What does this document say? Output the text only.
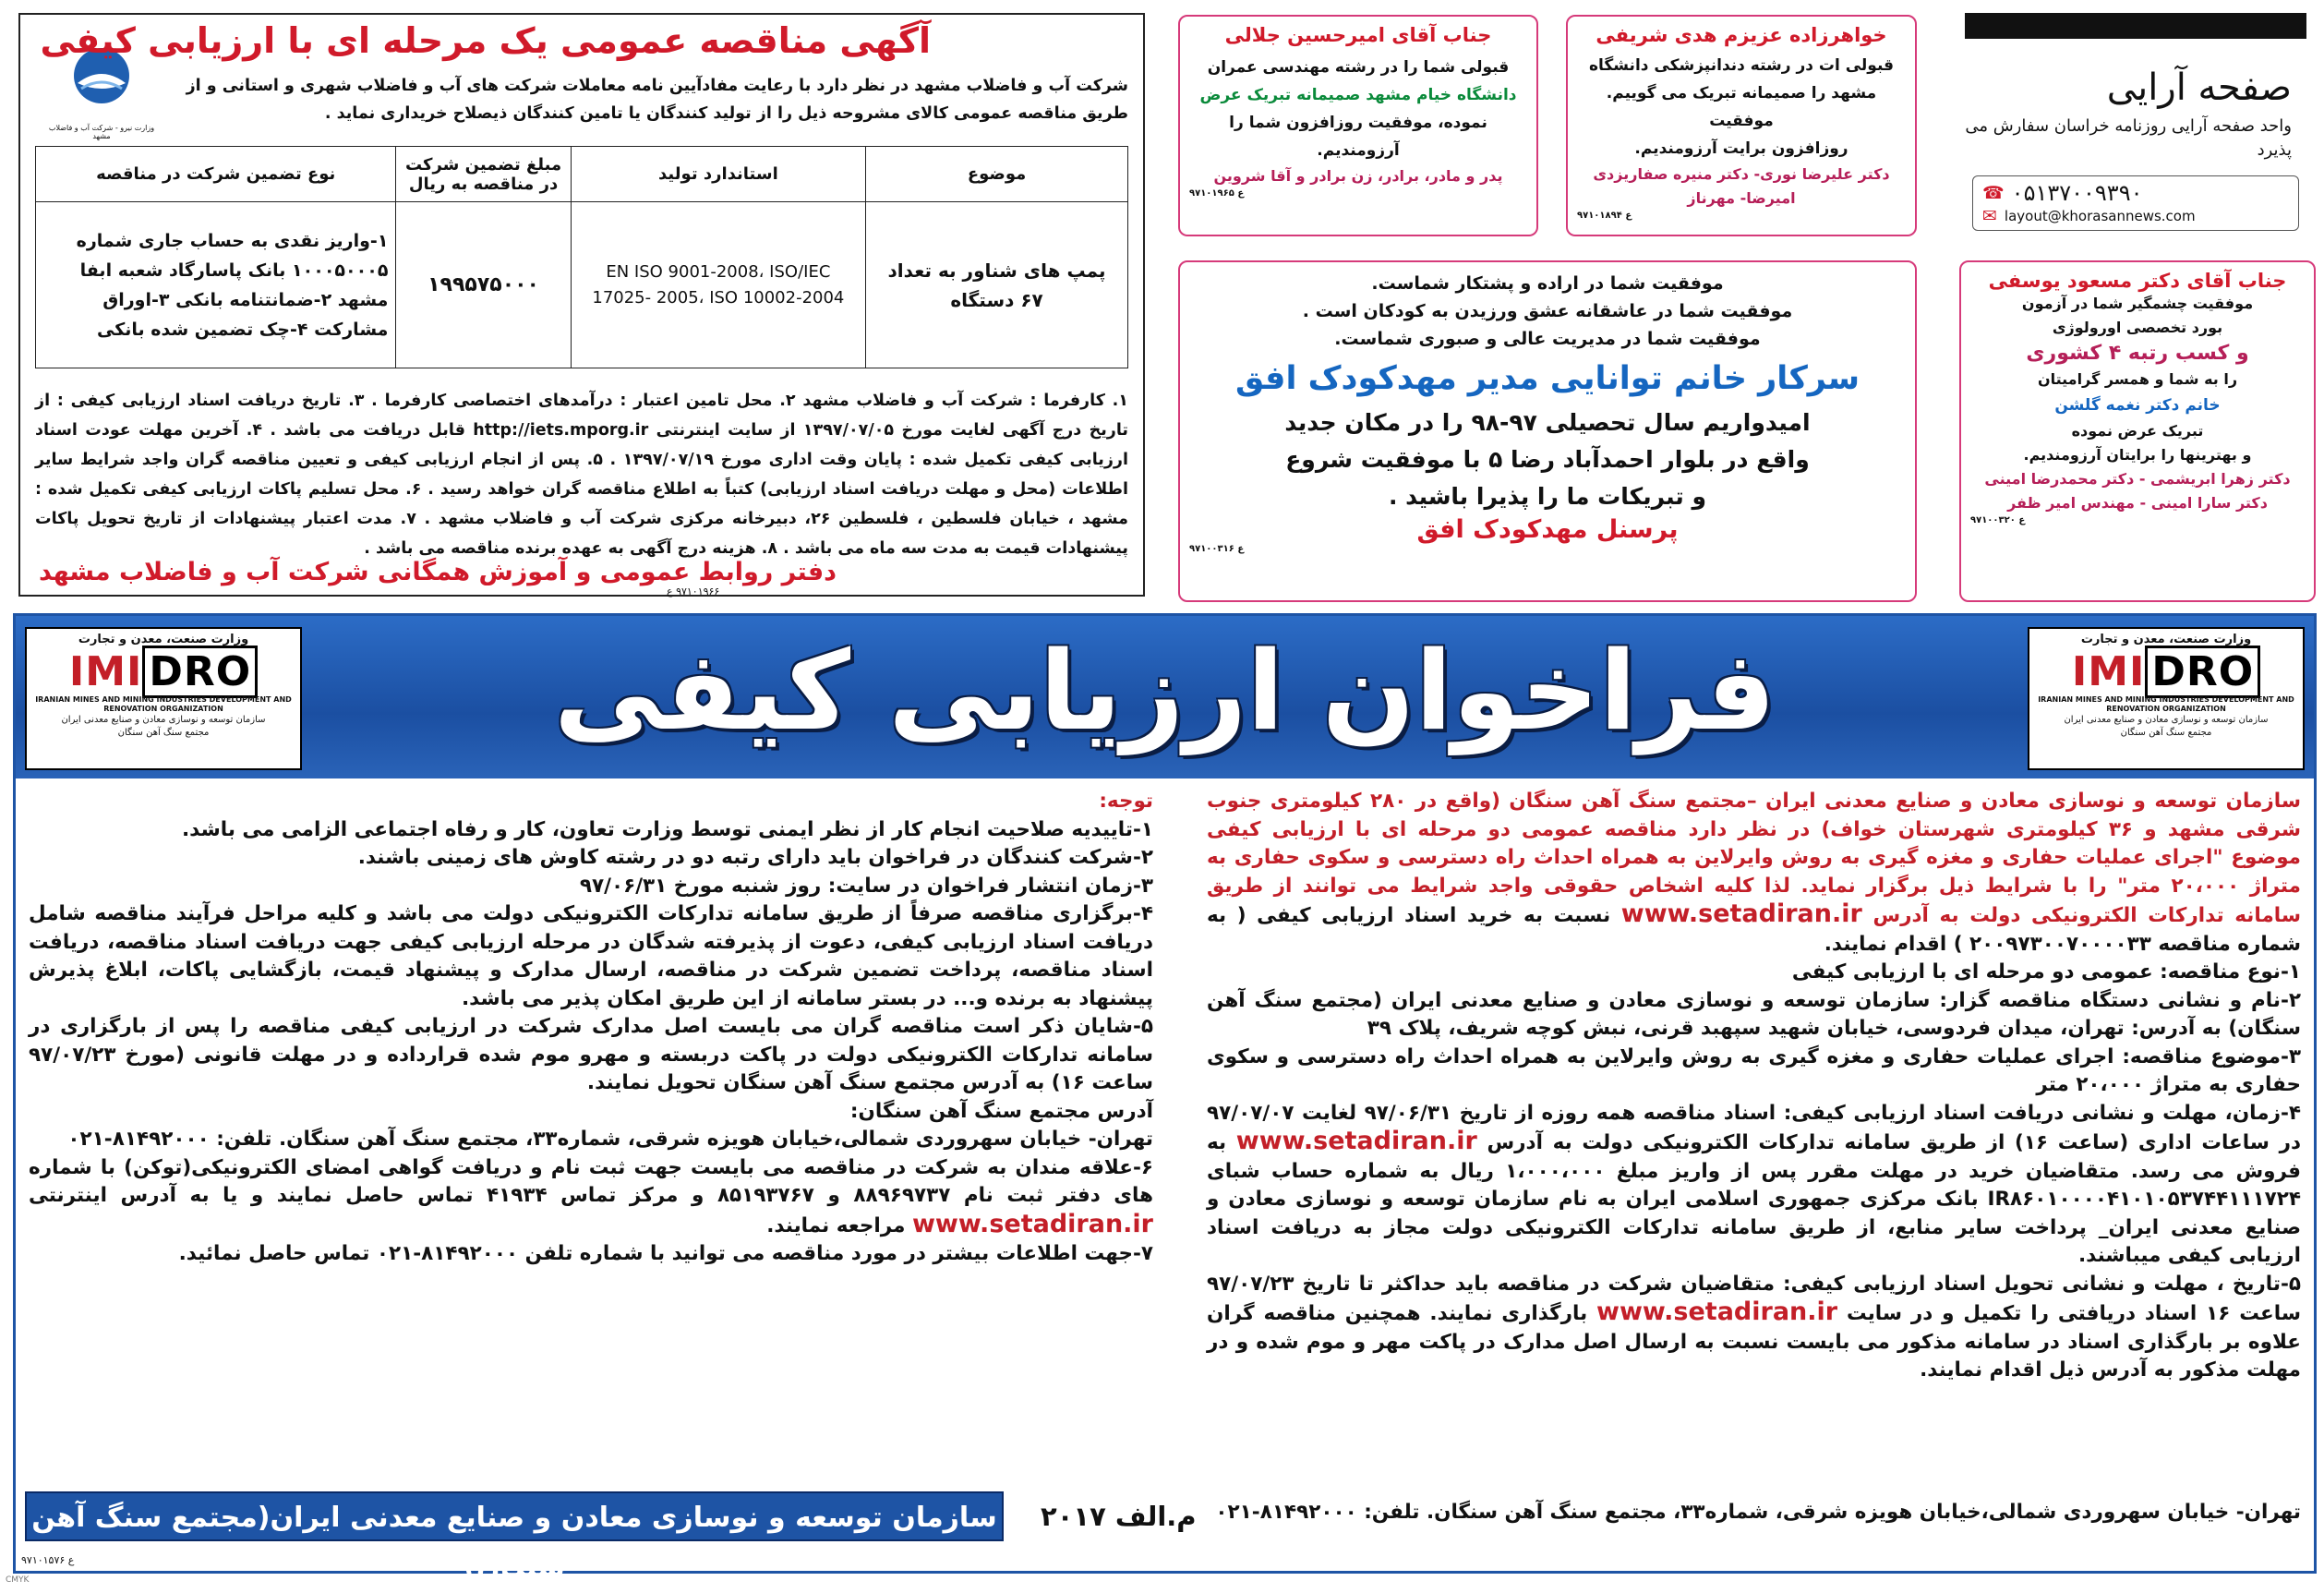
وزارت نیرو - شرکت آب و فاضلاب مشهد
آگهی مناقصه عمومی یک مرحله ای با ارزیابی کیفی
شرکت آب و فاضلاب مشهد در نظر دارد با رعایت مفادآیین نامه معاملات شرکت های آب و فاضلاب شهری و استانی و از طریق مناقصه عمومی کالای مشروحه ذیل را از تولید کنندگان یا تامین کنندگان ذیصلاح خریداری نماید .
موضوع	استاندارد تولید	مبلغ تضمین شرکت در مناقصه به ریال	نوع تضمین شرکت در مناقصه
پمپ های شناور به تعداد ۶۷ دستگاه	EN ISO 9001-2008، ISO/IEC 17025- 2005، ISO 10002-2004	۱۹۹۵۷۵۰۰۰	۱-واریز نقدی به حساب جاری شماره ۱۰۰۰۵۰۰۰۵ بانک پاسارگاد شعبه ابفا مشهد ۲-ضمانتنامه بانکی ۳-اوراق مشارکت ۴-چک تضمین شده بانکی
۱. کارفرما : شرکت آب و فاضلاب مشهد ۲. محل تامین اعتبار : درآمدهای اختصاصی کارفرما . ۳. تاریخ دریافت اسناد ارزیابی کیفی : از تاریخ درج آگهی لغایت مورخ ۱۳۹۷/۰۷/۰۵ از سایت اینترنتی http://iets.mporg.ir قابل دریافت می باشد . ۴. آخرین مهلت عودت اسناد ارزیابی کیفی تکمیل شده : پایان وقت اداری مورخ ۱۳۹۷/۰۷/۱۹ . ۵. پس از انجام ارزیابی کیفی و تعیین مناقصه گران واجد شرایط سایر اطلاعات (محل و مهلت دریافت اسناد ارزیابی) کتباً به اطلاع مناقصه گران خواهد رسید . ۶. محل تسلیم پاکات ارزیابی کیفی تکمیل شده : مشهد ، خیابان فلسطین ، فلسطین ۲۶، دبیرخانه مرکزی شرکت آب و فاضلاب مشهد . ۷. مدت اعتبار پیشنهادات از تاریخ تحویل پاکات پیشنهادات قیمت به مدت سه ماه می باشد . ۸. هزینه درج آگهی به عهده برنده مناقصه می باشد .
۹۷۱۰۱۹۶۶ ع
دفتر روابط عمومی و آموزش همگانی شرکت آب و فاضلاب مشهد
جناب آقای امیرحسین جلالی
قبولی شما را در رشته مهندسی عمران
دانشگاه خیام مشهد صمیمانه تبریک عرض
نموده، موفقیت روزافزون شما را آرزومندیم.
پدر و مادر، برادر، زن برادر و آقا شروین
۹۷۱۰۱۹۶۵ ع
خواهرزاده عزیزم هدی شریفی
قبولی ات در رشته دندانپزشکی دانشگاه
مشهد را صمیمانه تبریک می گوییم. موفقیت
روزافزون برایت آرزومندیم.
دکتر علیرضا نوری- دکتر منیره صفاریزدی
امیرضا- مهرناز
۹۷۱۰۱۸۹۴ ع
صفحه آرایی
واحد صفحه آرایی روزنامه خراسان سفارش می پذیرد
☎ ۰۵۱۳۷۰۰۹۳۹۰
✉ layout@khorasannews.com
موفقیت شما در اراده و پشتکار شماست.
موفقیت شما در عاشقانه عشق ورزیدن به کودکان است .
موفقیت شما در مدیریت عالی و صبوری شماست.
سرکار خانم توانایی مدیر مهدکودک افق
امیدواریم سال تحصیلی ۹۷-۹۸ را در مکان جدید
واقع در بلوار احمدآباد رضا ۵ با موفقیت شروع
و تبریکات ما را پذیرا باشید .
پرسنل مهدکودک افق
۹۷۱۰۰۳۱۶ ع
جناب آقای دکتر مسعود یوسفی
موفقیت چشمگیر شما در آزمون
بورد تخصصی اورولوژی
و کسب رتبه ۴ کشوری
را به شما و همسر گرامیتان
خانم دکتر نغمه گلشن
تبریک عرض نموده
و بهترینها را برایتان آرزومندیم.
دکتر زهرا ابریشمی - دکتر محمدرضا امینی
دکتر سارا امینی - مهندس امیر ظفر
۹۷۱۰۰۳۲۰ ع
وزارت صنعت، معدن و تجارت
IMI DRO
IRANIAN MINES AND MINING INDUSTRIES DEVELOPMENT AND RENOVATION ORGANIZATION
سازمان توسعه و نوسازی معادن و صنایع معدنی ایران
مجتمع سنگ آهن سنگان	فراخوان ارزیابی کیفی	وزارت صنعت، معدن و تجارت
IMI DRO
IRANIAN MINES AND MINING INDUSTRIES DEVELOPMENT AND RENOVATION ORGANIZATION
سازمان توسعه و نوسازی معادن و صنایع معدنی ایران
مجتمع سنگ آهن سنگان
سازمان توسعه و نوسازی معادن و صنایع معدنی ایران –مجتمع سنگ آهن سنگان (واقع در ۲۸۰ کیلومتری جنوب شرقی مشهد و ۳۶ کیلومتری شهرستان خواف) در نظر دارد مناقصه عمومی دو مرحله ای با ارزیابی کیفی موضوع "اجرای عملیات حفاری و مغزه گیری به روش وایرلاین به همراه احداث راه دسترسی و سکوی حفاری به متراژ ۲۰،۰۰۰ متر" را با شرایط ذیل برگزار نماید. لذا کلیه اشخاص حقوقی واجد شرایط می توانند از طریق سامانه تدارکات الکترونیکی دولت به آدرس www.setadiran.ir نسبت به خرید اسناد ارزیابی کیفی ( به شماره مناقصه ۲۰۰۹۷۳۰۰۷۰۰۰۰۳۳ ) اقدام نمایند.
۱-نوع مناقصه: عمومی دو مرحله ای با ارزیابی کیفی
۲-نام و نشانی دستگاه مناقصه گزار: سازمان توسعه و نوسازی معادن و صنایع معدنی ایران (مجتمع سنگ آهن سنگان) به آدرس: تهران، میدان فردوسی، خیابان شهید سپهبد قرنی، نبش کوچه شریف، پلاک ۳۹
۳-موضوع مناقصه: اجرای عملیات حفاری و مغزه گیری به روش وایرلاین به همراه احداث راه دسترسی و سکوی حفاری به متراژ ۲۰،۰۰۰ متر
۴-زمان، مهلت و نشانی دریافت اسناد ارزیابی کیفی: اسناد مناقصه همه روزه از تاریخ ۹۷/۰۶/۳۱ لغایت ۹۷/۰۷/۰۷ در ساعات اداری (ساعت ۱۶) از طریق سامانه تدارکات الکترونیکی دولت به آدرس www.setadiran.ir به فروش می رسد. متقاضیان خرید در مهلت مقرر پس از واریز مبلغ ۱،۰۰۰،۰۰۰ ریال به شماره حساب شبای IR۸۶۰۱۰۰۰۰۴۱۰۱۰۵۳۷۴۴۱۱۱۷۲۴ بانک مرکزی جمهوری اسلامی ایران به نام سازمان توسعه و نوسازی معادن و صنایع معدنی ایران_ پرداخت سایر منابع، از طریق سامانه تدارکات الکترونیکی دولت مجاز به دریافت اسناد ارزیابی کیفی میباشند.
۵-تاریخ ، مهلت و نشانی تحویل اسناد ارزیابی کیفی: متقاضیان شرکت در مناقصه باید حداکثر تا تاریخ ۹۷/۰۷/۲۳ ساعت ۱۶ اسناد دریافتی را تکمیل و در سایت www.setadiran.ir بارگذاری نمایند. همچنین مناقصه گران علاوه بر بارگذاری اسناد در سامانه مذکور می بایست نسبت به ارسال اصل مدارک در پاکت مهر و موم شده و در مهلت مذکور به آدرس ذیل اقدام نمایند.
توجه:
۱-تاییدیه صلاحیت انجام کار از نظر ایمنی توسط وزارت تعاون، کار و رفاه اجتماعی الزامی می باشد.
۲-شرکت کنندگان در فراخوان باید دارای رتبه دو در رشته کاوش های زمینی باشند.
۳-زمان انتشار فراخوان در سایت: روز شنبه مورخ ۹۷/۰۶/۳۱
۴-برگزاری مناقصه صرفاً از طریق سامانه تدارکات الکترونیکی دولت می باشد و کلیه مراحل فرآیند مناقصه شامل دریافت اسناد ارزیابی کیفی، دعوت از پذیرفته شدگان در مرحله ارزیابی کیفی جهت دریافت اسناد مناقصه، دریافت اسناد مناقصه، پرداخت تضمین شرکت در مناقصه، ارسال مدارک و پیشنهاد قیمت، بازگشایی پاکات، ابلاغ پذیرش پیشنهاد به برنده و... در بستر سامانه از این طریق امکان پذیر می باشد.
۵-شایان ذکر است مناقصه گران می بایست اصل مدارک شرکت در ارزیابی کیفی مناقصه را پس از بارگزاری در سامانه تدارکات الکترونیکی دولت در پاکت دربسته و مهرو موم شده قرارداده و در مهلت قانونی (مورخ ۹۷/۰۷/۲۳ ساعت ۱۶) به آدرس مجتمع سنگ آهن سنگان تحویل نمایند.
آدرس مجتمع سنگ آهن سنگان:
تهران- خیابان سهروردی شمالی،خیابان هویزه شرقی، شماره۳۳، مجتمع سنگ آهن سنگان. تلفن: ۸۱۴۹۲۰۰۰-۰۲۱
۶-علاقه مندان به شرکت در مناقصه می بایست جهت ثبت نام و دریافت گواهی امضای الکترونیکی(توکن) با شماره های دفتر ثبت نام ۸۸۹۶۹۷۳۷ و ۸۵۱۹۳۷۶۷ و مرکز تماس ۴۱۹۳۴ تماس حاصل نمایند و یا به آدرس اینترنتی www.setadiran.ir مراجعه نمایند.
۷-جهت اطلاعات بیشتر در مورد مناقصه می توانید با شماره تلفن ۸۱۴۹۲۰۰۰-۰۲۱ تماس حاصل نمائید.
تهران- خیابان سهروردی شمالی،خیابان هویزه شرقی، شماره۳۳، مجتمع سنگ آهن سنگان. تلفن: ۸۱۴۹۲۰۰۰-۰۲۱
م.الف ۲۰۱۷
سازمان توسعه و نوسازی معادن و صنایع معدنی ایران(مجتمع سنگ آهن سنگان)
۹۷۱۰۱۵۷۶ ع
CMYK
